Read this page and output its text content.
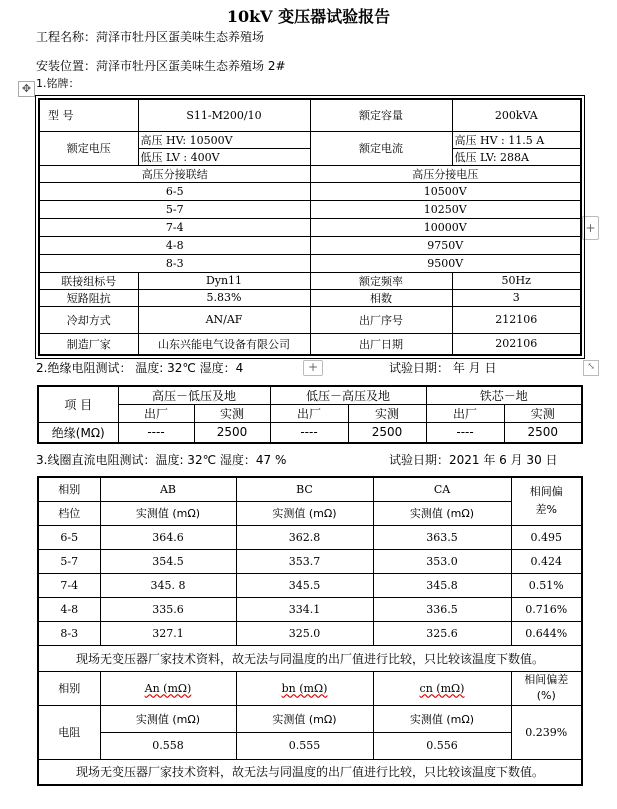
10kV 变压器试验报告
工程名称：菏泽市牡丹区蛋美味生态养殖场
安装位置：菏泽市牡丹区蛋美味生态养殖场 2#
1.铭牌：
✥
+
型 号	S11-M200/10	额定容量	200kVA
额定电压	高压 HV: 10500V	额定电流	高压 HV : 11.5 A
	低压 LV : 400V		低压 LV: 288A
高压分接联结		高压分接电压	
6-5		10500V	
5-7		10250V	
7-4		10000V	
4-8		9750V	
8-3		9500V	
联接组标号	Dyn11	额定频率	50Hz
短路阻抗	5.83%	相数	3
冷却方式	AN/AF	出厂序号	212106
制造厂家	山东兴能电气设备有限公司	出厂日期	202106
2.绝缘电阻测试： 温度: 32℃ 湿度：4	+	试验日期： 年 月 日	⤡
项 目	高压－低压及地		低压－高压及地		铁芯－地	
	出厂	实测	出厂	实测	出厂	实测
绝缘(MΩ)	----	2500	----	2500	----	2500
3.线圈直流电阻测试：温度: 32℃ 湿度：47 %	试验日期：2021 年 6 月 30 日
相别	AB	BC	CA	相间偏
差%
档位	实测值 (mΩ)	实测值 (mΩ)	实测值 (mΩ)	
6-5	364.6	362.8	363.5	0.495
5-7	354.5	353.7	353.0	0.424
7-4	345. 8	345.5	345.8	0.51%
4-8	335.6	334.1	336.5	0.716%
8-3	327.1	325.0	325.6	0.644%
现场无变压器厂家技术资料，故无法与同温度的出厂值进行比较，只比较该温度下数值。				
相别	An (mΩ)	bn (mΩ)	cn (mΩ)	相间偏差
(%)
电阻	实测值 (mΩ)	实测值 (mΩ)	实测值 (mΩ)	0.239%
	0.558	0.555	0.556	
现场无变压器厂家技术资料，故无法与同温度的出厂值进行比较，只比较该温度下数值。				
